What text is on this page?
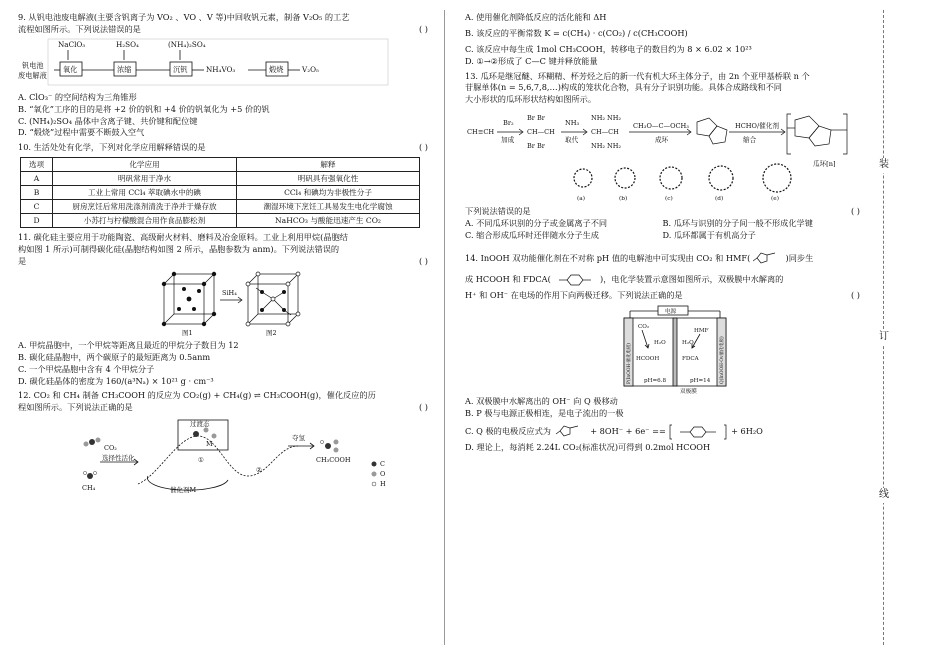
9. 从钒电池废电解液(主要含钒离子为 VO₂ 、VO 、V 等)中回收钒元素，制备 V₂O₅ 的工艺
流程如图所示。下列说法错误的是	( )
NaClO₃	H₂SO₄	(NH₄)₂SO₄
钒电池
废电解液
氧化	浓缩	沉钒	NH₄VO₃	煅烧	V₂O₅
A. ClO₃⁻ 的空间结构为三角锥形
B. “氧化”工序的目的是将 +2 价的钒和 +4 价的钒氧化为 +5 价的钒
C. (NH₄)₂SO₄ 晶体中含离子键、共价键和配位键
D. “煅烧”过程中需要不断鼓入空气
10. 生活处处有化学，下列对化学应用解释错误的是	( )
选项	化学应用	解释
A	明矾常用于净水	明矾具有强氧化性
B	工业上常用 CCl₄ 萃取碘水中的碘	CCl₄ 和碘均为非极性分子
C	厨房烹饪后常用洗涤剂清洗于净并于燥存放	潮湿环境下烹饪工具易发生电化学腐蚀
D	小苏打与柠檬酸混合用作食品膨松剂	NaHCO₃ 与酸能迅速产生 CO₂
11. 碳化硅主要应用于功能陶瓷、高级耐火材料、磨料及冶金原料。工业上利用甲烷(晶胞结
构如图 1 所示)可制得碳化硅(晶胞结构如图 2 所示，晶胞参数为 anm)。下列说法错误的
是	( )
SiH₄
图1	图2
A. 甲烷晶胞中，一个甲烷等距离且最近的甲烷分子数目为 12
B. 碳化硅晶胞中，两个碳原子的最短距离为 0.5anm
C. 一个甲烷晶胞中含有 4 个甲烷分子
D. 碳化硅晶体的密度为 160/(a³Nₐ) × 10²¹ g · cm⁻³
12. CO₂ 和 CH₄ 制备 CH₃COOH 的反应为 CO₂(g) + CH₄(g) ⇌ CH₃COOH(g)，催化反应的历
程如图所示。下列说法正确的是	( )
过渡态
CO₂
选择性活化
CH₄	催化剂M
①
②
夺氢
CH₃COOH	C
O
H
M
A. 使用催化剂降低反应的活化能和 ΔH
B. 该反应的平衡常数 K = c(CH₄) · c(CO₂) / c(CH₃COOH)
C. 该反应中每生成 1mol CH₃COOH，转移电子的数目约为 8 × 6.02 × 10²³
D. ①→②形成了 C—C 键并释放能量
13. 瓜环是继冠醚、环糊精、杯芳烃之后的新一代有机大环主体分子，由 2n 个亚甲基桥联 n 个
苷脲单体(n = 5,6,7,8,…)构成的笼状化合物，具有分子识别功能。具体合成路线和不同
大小形状的瓜环形状结构如图所示。
CH≡CH
Br₂
加成
Br Br
CH—CH
Br Br
NH₃
取代
NH₂ NH₂
CH—CH
NH₂ NH₂
CH₃O—C—OCH₃
成环
HCHO/催化剂
缩合
瓜环[n]
(a)	(b)	(c)	(d)	(e)
下列说法错误的是	( )
A. 不同瓜环识别的分子或金属离子不同	B. 瓜环与识别的分子间一般不形成化学键
C. 缩合形成瓜环时还伴随水分子生成	D. 瓜环都属于有机高分子
14. InOOH 双功能催化剂在不对称 pH 值的电解池中可实现由 CO₂ 和 HMF(	)同步生
成 HCOOH 和 FDCA(	)，电化学装置示意图如图所示，双极膜中水解离的
H⁺ 和 OH⁻ 在电场的作用下向两极迁移。下列说法正确的是	( )
电源
CO₂
H₂O
HCOOH
HMF
H₂O
FDCA
pH=6.8	pH=14
双极膜
P(InOOH-催化电极)	Q(InOOH-Ov催化电极)
A. 双极膜中水解离出的 OH⁻ 向 Q 极移动
B. P 极与电源正极相连，是电子流出的一极
C. Q 极的电极反应式为	+ 8OH⁻ + 6e⁻ ==	+ 6H₂O
D. 理论上，每消耗 2.24L CO₂(标准状况)可得到 0.2mol HCOOH
装
订
线
